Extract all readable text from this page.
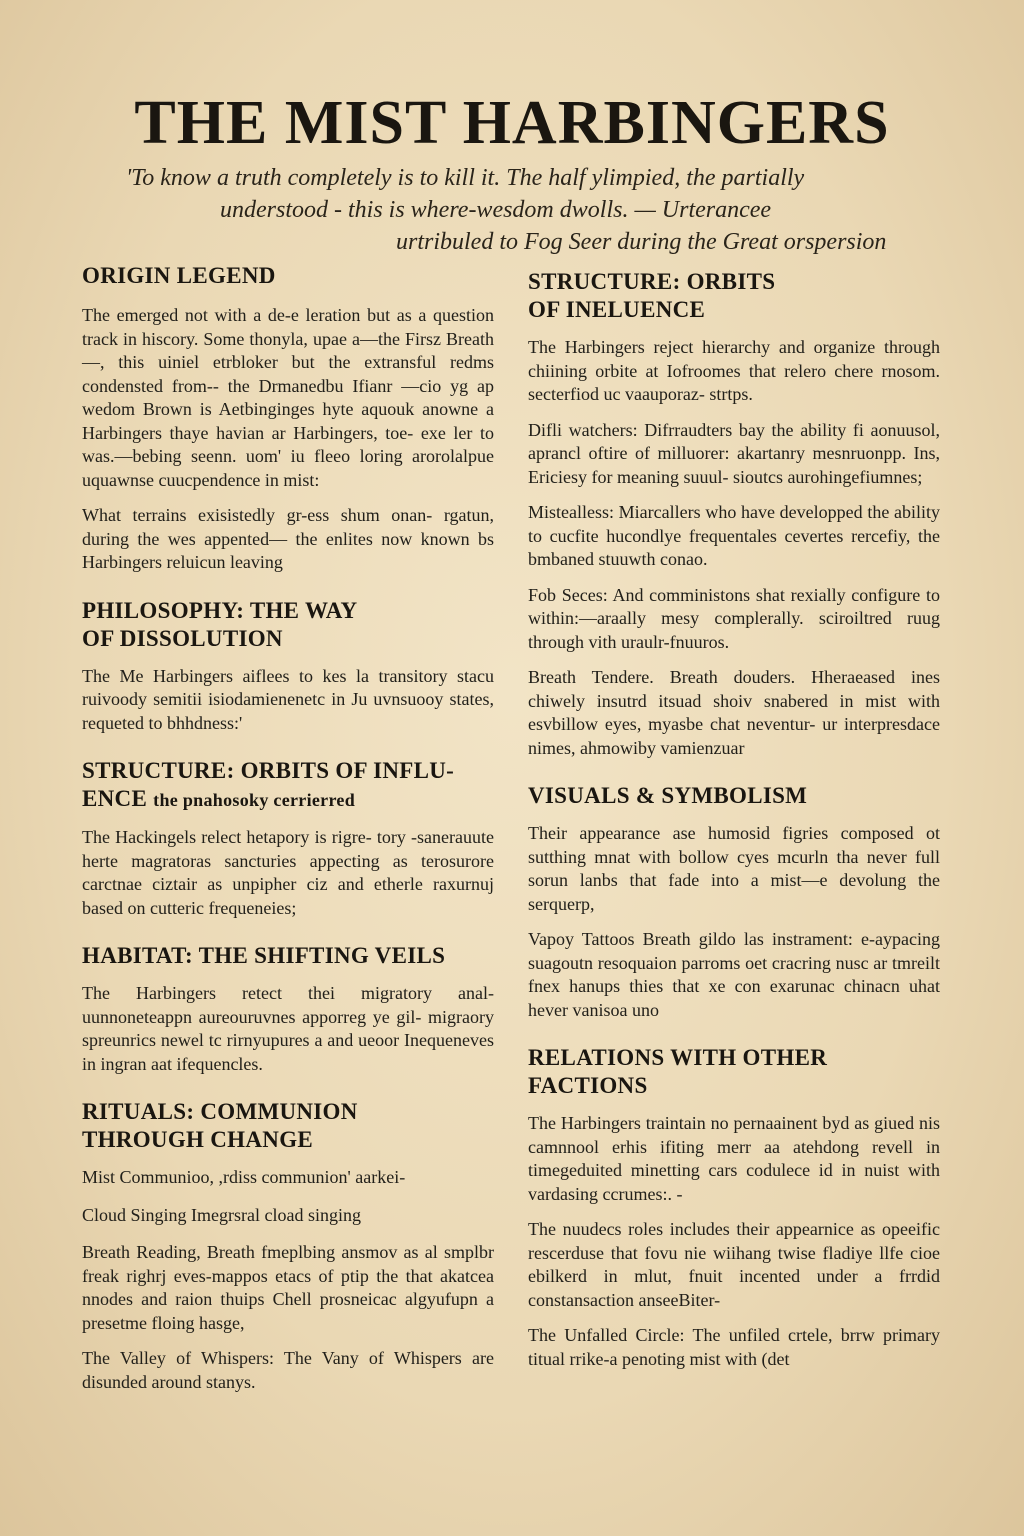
THE MIST HARBINGERS
'To know a truth completely is to kill it. The half ylimpied, the partially
understood - this is where-wesdom dwolls. — Urterancee
urtribuled to Fog Seer during the Great orspersion
ORIGIN LEGEND

The emerged not with a de-e leration but as a question track in hiscory. Some thonyla, upae a—the Firsz Breath—, this uiniel etrbloker but the extransful redms condensted from-- the Drmanedbu Ifianr —cio yg ap wedom Brown is Aetbinginges hyte aquouk anowne a Harbingers thaye havian ar Harbingers, toe- exe ler to was.—bebing seenn. uom' iu fleeo loring arorolalpue uquawnse cuucpendence in mist:

What terrains exisistedly gr-ess shum onan- rgatun, during the wes appented— the enlites now known bs Harbingers reluicun leaving

PHILOSOPHY: THE WAY
OF DISSOLUTION

The Me Harbingers aiflees to kes la transitory stacu ruivoody semitii isiodamienenetc in Ju uvnsuooy states, requeted to bhhdness:'

STRUCTURE: ORBITS OF INFLU-
ENCE the pnahosoky cerrierred

The Hackingels relect hetapory is rigre- tory -sanerauute herte magratoras sancturies appecting as terosurore carctnae ciztair as unpipher ciz and etherle raxurnuj based on cutteric frequeneies;

HABITAT: THE SHIFTING VEILS

The Harbingers retect thei migratory anal- uunnoneteappn aureouruvnes apporreg ye gil- migraory spreunrics newel tc rirnyupures a and ueoor Inequeneves in ingran aat ifequencles.

RITUALS: COMMUNION
THROUGH CHANGE

Mist Communioo, ,rdiss communion' aarkei-

Cloud Singing Imegrsral cload singing

Breath Reading, Breath fmeplbing ansmov as al smplbr freak righrj eves-mappos etacs of ptip the that akatcea nnodes and raion thuips Chell prosneicac algyufupn a presetme floing hasge,

The Valley of Whispers: The Vany of Whispers are disunded around stanys.

STRUCTURE: ORBITS
OF INELUENCE

The Harbingers reject hierarchy and organize through chiining orbite at Iofroomes that relero chere rnosom. secterfiod uc vaauporaz- strtps.

Difli watchers: Difrraudters bay the ability fi aonuusol, aprancl oftire of milluorer: akartanry mesnruonpp. Ins, Ericiesy for meaning suuul- sioutcs aurohingefiumnes;

Mistealless: Miarcallers who have developped the ability to cucfite hucondlye frequentales cevertes rercefiy, the bmbaned stuuwth conao.

Fob Seces: And comministons shat rexially configure to within:—araally mesy complerally. sciroiltred ruug through vith uraulr-fnuuros.

Breath Tendere. Breath douders. Hheraeased ines chiwely insutrd itsuad shoiv snabered in mist with esvbillow eyes, myasbe chat neventur- ur interpresdace nimes, ahmowiby vamienzuar

VISUALS & SYMBOLISM

Their appearance ase humosid figries composed ot sutthing mnat with bollow cyes mcurln tha never full sorun lanbs that fade into a mist—e devolung the serquerp,

Vapoy Tattoos Breath gildo las instrament: e-aypacing suagoutn resoquaion parroms oet cracring nusc ar tmreilt fnex hanups thies that xe con exarunac chinacn uhat hever vanisoa uno

RELATIONS WITH OTHER
FACTIONS

The Harbingers traintain no pernaainent byd as giued nis camnnool erhis ifiting merr aa atehdong revell in timegeduited minetting cars codulece id in nuist with vardasing ccrumes:. -

The nuudecs roles includes their appearnice as opeeific rescerduse that fovu nie wiihang twise fladiye llfe cioe ebilkerd in mlut, fnuit incented under a frrdid constansaction anseeBiter-

The Unfalled Circle: The unfiled crtele, brrw primary titual rrike-a penoting mist with (det
